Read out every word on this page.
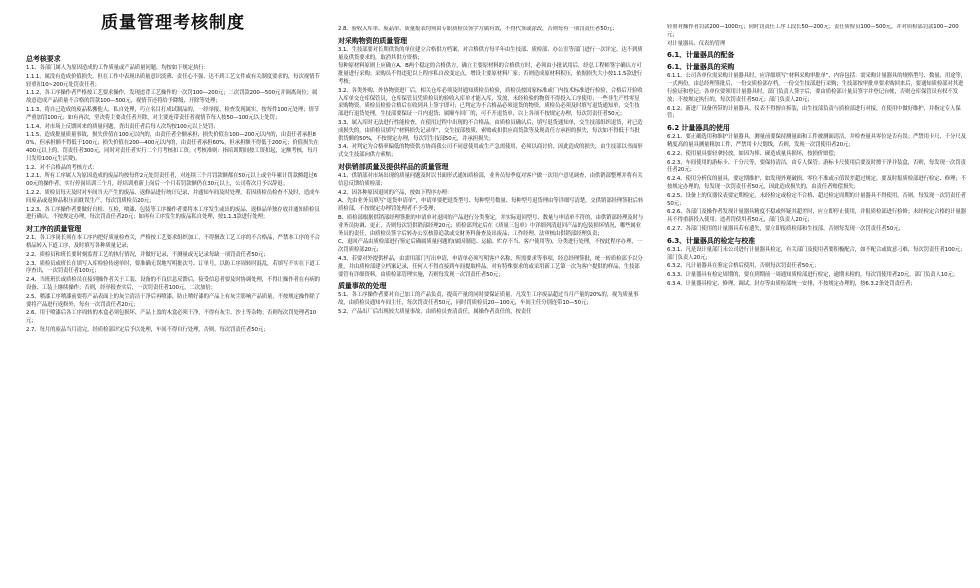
质量管理考核制度
总考核要求
1.1、各部门属人为原因造成的工作质量或产品质量问题，均按如下规定执行：
1.1.1、属没有造成价值损失，但在工作中表现出质量意识淡薄、责任心不强、达不到工艺文件或有关制度要求的，每次视情节轻重扣10~200元处罚责任者；
1.1.2、各工序操作者严格按工艺要求操作，发现违背工艺操作的一次罚100—200元；二次罚款200—500元并调离岗位；属故意造成产品质量不合格的罚款100—500元，视情节还将给予降级、开除等处理；
1.1.3、将自己造成的废品私搬他人，私自处理，巧立名目打成试制品的，一经举报、检查发现属实，按每件100元处理；情节严重加罚100元；如有再次，坚决将主要责任者开除，对主要连带责任者视情节每人按50—100元以上处罚；
1.1.4、对市场上反馈回来的质量问题，査出责任者后每人次均按100元以上处罚；
1.1.5、造成批量质量事故，损失价值在100元以内的，由责任者全额承担；损失价值在100—200元以内的，由责任者承担80%，但承担额不得低于100元；损失价值在200—400元以内的，由责任者承担60%，但承担额不得低于200元；价值损失在400元以上的，罚责任者300元，同时对责任者实行二个月考核扣工资。(考核准则：指培训期间按工资扣起，定额考核，每月只发给100元生活费)。
1.2、对不合格品的考核方式：
1.2.1、所有工序属人为原因造成的废品均按每件2元处罚责任者，对连续三个月罚款额都在50元以上或全年累计罚款额超过600元的操作者，实行停岗培训三个月，经培训重新上岗后一个月若罚款额仍在30元以上，公司将次月予以辞退；
1.2.2、质检员每天及时对车间当天产生的废品、返修品进行统计记录，并通知车间及时处理，若因质检员检查不及时，造成车间废品或返修品积压而耽误生产，每次罚质检员20元；
1.2.3、各工序操作者要做好自检、互检，喷漆、包装等工序操作者要将本工序发生或出的废品、返修品单独存放并通知质检员进行确认，不按规定办理，每次罚责任者20元；如再有工序发生的废品私自处理，按1.1.3款进行处理；
对工序的质量管理
2.1、各工序岗长须在本工序内把好质量检查关，严格按工艺要求组织加工，不得擅改工艺工序的不合格品，严禁本工序的不合格品转入下道工序，及时填写各种质量记录；
2.2、质检员和班长要时刻监督工艺的执行情况，并做好记录，不测量或无记录每缺一项罚责任者50元；
2.3、质检员或班长在填写入库检验传递单时，要准确无误地写明批次号、订单号，以防工序周转时混乱，若填写不实在下道工序查出，一次罚责任者100元；
2.4、当班班长或质检员在接到操作者关于工装、设备的不良信息反馈后，接受信息者要及时协调处理，不得让操作者在有病的设备、工装上继续操作；否则，经举报查实后，一次罚责任者100元，二次加倍；
2.5、喷漆工序喷漆前要将产品表面上的灰尘清洁干净后再喷漆，防止喷好漆的产品上有灰尘影响产品质量，不按规定操作除了要将产品进行返修外，每有一次罚责任者20元；
2.6、用于喷漆后各工序周转的木盒必须包损坏、产品上盖的木盒必须干净，不得有灰尘、沙土等杂物；否则每次罚处理者10元；
2.7、每月的废品当月清完，经质检部评定后予以处理，车间不得自行处理，否则，每次罚责任者50元；
2.8、验收入库单、废品单、质量报表均须由专职质检员签字方属有效，不得代签或涂改，否则每有一项罚责任者50元；
对采购物资的质量管理
3.1、生技部要对长期供货的单位建立合格供方档案，对合格供方每半年由生技部、质检部、办公室等部门进行一次评定，达不到质量及供货要求的，取消其供方资格；
每种原材料原则上应确立A、B两个稳定的合格供方，确立主要原材料的合格供方时，必须由小批试用后，经总工程师签字确认方可批量进行采购；采购员不得违犯以上程序私自改变定点，增设主要原材料厂家；否则造成原材料积压，依据损失大小按1.1.5款进行考核；
3.2、各类外购、外协物资进厂后，相关仓库必须及时通知质检员检验，质检员按国家标准或厂内技术标准进行检验，合格后开验收入库单交仓库保管员，仓库保管员凭质检员的验收入库单才能入库，发放，未经检验的物资不得投入工序使用；一些非生产性零星采购物资，质检员检验合格后在收到具上签字即可；已判定为不合格品必须退货的物资，质检员必须及时填写退货通知单，交生技部进行退货处理，生技部要保证一月内退货；属顺车回厂的，可不开退货单，以上各项不按规定办理，每次罚责任者50元；
3.3、属入库时无法进行性能检查，在使用过程中出现的不合格品，由质检员确认后，填写退货通知单，交生技部组织退货，对已造成损失的，由质检员填写“材料损失记录单”，交生技部按质、索赔或扣供应商货款等及现责任方承担的损失，每次如不得低于当批供货额的50%，不按规定办理，每次罚生技部50元，并承担损失；
3.4、对判定为合格率偏低的物资供方协商我公司不同意使用或生产急需使用，必须以商讨价、因此造成的损失，由生技部以书面形式交生技部向供方索赔；
对供销部质量及提供样品的质量管理
4.1、供销部对市场出现的质量问题及时以书面形式通知质检部，业务员每季度对客户做一次用户意见调查，由供销部整理并将有关信息反馈给质检部；
4.2、因各种原因退回的产品，按如下程序办理：
A、先由业务员填写“退货申请单”，申请单要把退货型号、每种型号数量、每种型号退货理由等详细写清楚，交供销部经理签批后转质检部，不按规定办理罚处理者不予受理；
B、质检部根据供销部经理签批的申请单对退回的产品进行分类鉴定，并实际退回型号、数量与申请单不符的，由供销部经理及时与业务员协调、更正，否则每次罚供销部经理20元；质检部判定后在《质量三包单》中详细列清退回产品的包装损坏情况，哪些属业务员的责任，由质检员签字后转办公室核算追款或交财务科备查及出废品；工作经理、法审核由供销部经理负责；
C、退回产品由质检部进行鉴定后确属质量问题的(属因制造、运输、贮存不当、客户使用等)，分类进行处理，不按此程序办理，一次罚质检部20元；
4.3、若要对外提供样品，由需用部门写出申请，申请单必须写明客户名称、所需要求等事项，经总经理签批，统一转质检部予以分批，并由质检部建立档案记录，任何人不得直接到车间提取样品，对有特殊要求的或采用新工艺第一次为客户提供的样品，生技部要管有详细资料，由质检部管理实施，否则每发现一次罚责任者50元；
质量事故的处理
5.1、各工序操作者要对自己加工的产品负责，提高产量的同时要保证质量，凡发生工序废品超过当月产量的20%的，视为质量事故，由质检员通知车间主任，每次罚责任者50元，同时罚质检员20—100元，车间主任分别连带10—50元；
5.2、产品出厂后出现较大质量事故，由质检员查清责任，属操作者责任的，按责任
轻重对操作者罚款200—1000元；同时罚责任工序工段长50—200元；责任质检员100—500元，并对质检部罚款100—200元；
对计量器具、仪表的管理
6.1、计量器具的配备
6.1、计量器具的采购
6.1.1、公司各单位需采购计量器具时，应详细填写“材料采购审批单”，内容包括：需采购计量器具的规格型号、数量、用途等，一式两份，由总经理签批后，一份交质检部存档，一份交生技部进行采购；生技部按审批单要求购回来后，要通知质检部对其进行验证和登记；各单位要领用计量器具时，部门负责人签字后，要由质检部计量员签字并登记台帐，否则仓库保管员有权不发放；不按规定执行的，每次罚责任者50元；部门负责人20元；
6.1.2、新进厂设备所带的计量器具、仪表不得擅自拆装，由生技部负责与质检部进行对接，在使用中做好维护，并指定专人保管；
6.2 计量器具的使用
6.2.1、要正确选用和维护计量器具，测量前要保持测量面和工件被测面清洁，并检查量具零位是否有误；严禁用卡尺、千分尺及精度高的量具测量粗加工件，严禁用卡尺划线，否则，发现一次罚使用者20元；
6.2.2、使用量具要轻拿轻放，如因为摔、碰造成量具损坏，按损价赔偿；
6.2.3、车间使用的游标卡、千分尺等，要保持清洁，由专人保管；游标卡尺使用后要及时擦干净并装盒，否则，每发现一次罚责任者20元；
6.2.4、使用分析仪的量具，要定期维护，如发现外观破损、零位不准或示值误差超过规定，要及时报质检部进行检定、修理；不按规定办理的，每发现一次罚责任者50元，因此造成损失的，由责任者赔偿损失；
6.2.5、设备上的仪器仪表要定期检定，未经检定或检定不合格、超过检定周期的计量器具不得使用，否则，每发现一次罚责任者50元；
6.2.6、各部门及操作者发现计量器具精度不稳或怀疑其超差时，应立即停止使用，并报质检部进行检修；未经检定合格的计量器具不得重新投入使用；违者罚使用者50元，部门负责人20元；
6.2.7、各部门使用的计量器具若有遗失，要立即报质检部和生技部，否则每发现一次罚责任者50元；
6.3、计量器具的检定与校准
6.3.1、凡是设计量部门未公司进行计量器具检定，有关部门及使用者要积极配合，如不配合或故意刁难，每次罚责任者100元；部门负责人20元；
6.3.2、凡计量器具在鉴定合格后使用，否则每次罚责任者50元；
6.3.3、计量器具有检定周期的，要在到期前一周通知质检部进行检定，逾期未检的，每次罚使用者20元，部门负责人10元；
6.3.4、计量器具检定、修理、调试、封存等由质检部统一安排，不按规定办理的，按6.3.2条处罚责任者；
